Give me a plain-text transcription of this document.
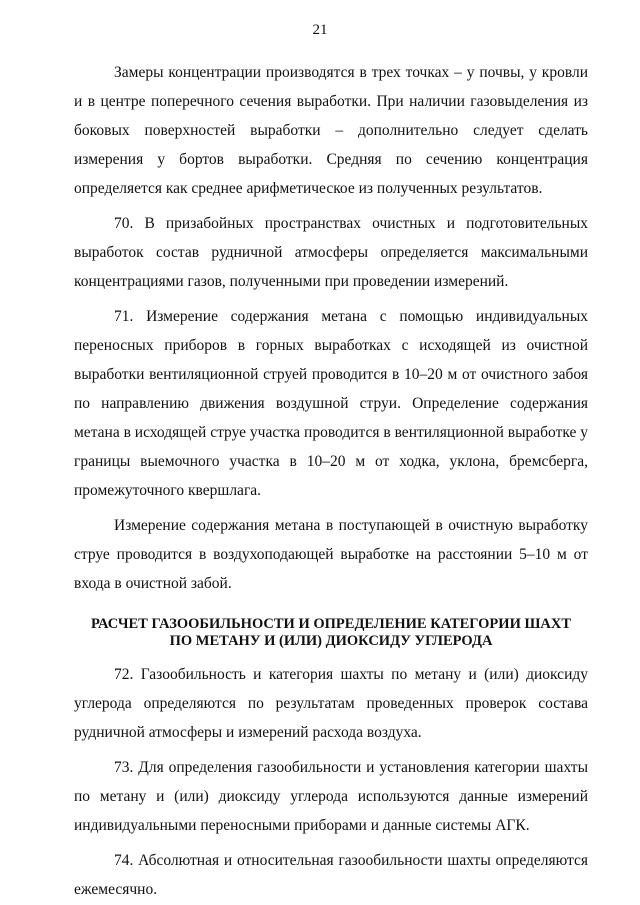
21

Замеры концентрации производятся в трех точках – у почвы, у кровли и в центре поперечного сечения выработки. При наличии газовыделения из боковых поверхностей выработки – дополнительно следует сделать измерения у бортов выработки. Средняя по сечению концентрация определяется как среднее арифметическое из полученных результатов.

70. В призабойных пространствах очистных и подготовительных выработок состав рудничной атмосферы определяется максимальными концентрациями газов, полученными при проведении измерений.

71. Измерение содержания метана с помощью индивидуальных переносных приборов в горных выработках с исходящей из очистной выработки вентиляционной струей проводится в 10–20 м от очистного забоя по направлению движения воздушной струи. Определение содержания метана в исходящей струе участка проводится в вентиляционной выработке у границы выемочного участка в 10–20 м от ходка, уклона, бремсберга, промежуточного квершлага.

Измерение содержания метана в поступающей в очистную выработку струе проводится в воздухоподающей выработке на расстоянии 5–10 м от входа в очистной забой.

РАСЧЕТ ГАЗООБИЛЬНОСТИ И ОПРЕДЕЛЕНИЕ КАТЕГОРИИ ШАХТ
ПО МЕТАНУ И (ИЛИ) ДИОКСИДУ УГЛЕРОДА

72. Газообильность и категория шахты по метану и (или) диоксиду углерода определяются по результатам проведенных проверок состава рудничной атмосферы и измерений расхода воздуха.

73. Для определения газообильности и установления категории шахты по метану и (или) диоксиду углерода используются данные измерений индивидуальными переносными приборами и данные системы АГК.

74. Абсолютная и относительная газообильности шахты определяются ежемесячно.
